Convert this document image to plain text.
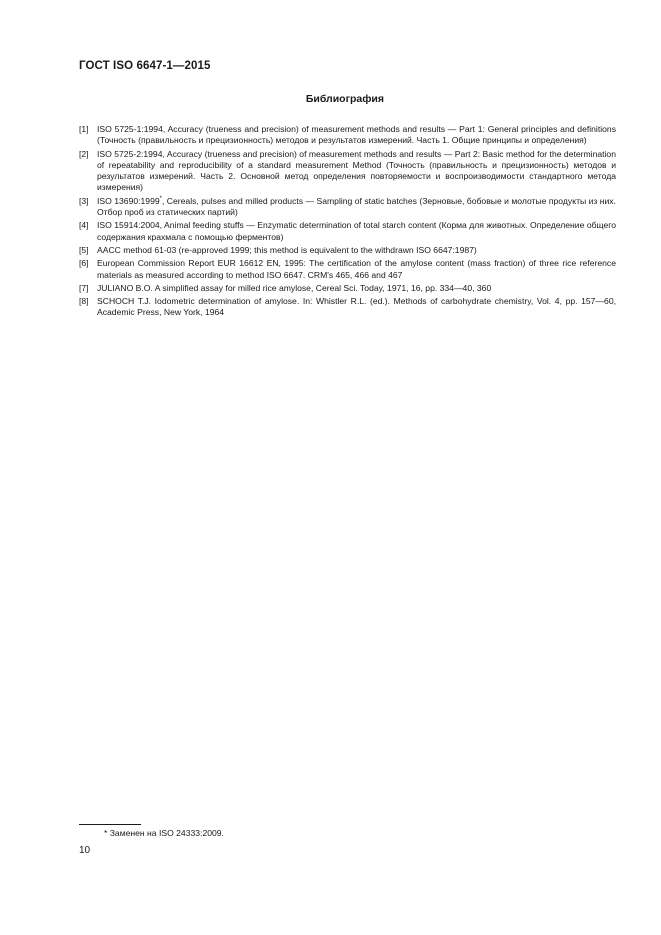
ГОСТ ISO 6647-1—2015
Библиография
[1] ISO 5725-1:1994, Accuracy (trueness and precision) of measurement methods and results — Part 1: General principles and definitions (Точность (правильность и прецизионность) методов и результатов измерений. Часть 1. Общие принципы и определения)
[2] ISO 5725-2:1994, Accuracy (trueness and precision) of measurement methods and results — Part 2: Basic method for the determination of repeatability and reproducibility of a standard measurement Method (Точность (правильность и прецизионность) методов и результатов измерений. Часть 2. Основной метод определения повторяемости и воспроизводимости стандартного метода измерения)
[3] ISO 13690:1999*, Cereals, pulses and milled products — Sampling of static batches (Зерновые, бобовые и молотые продукты из них. Отбор проб из статических партий)
[4] ISO 15914:2004, Animal feeding stuffs — Enzymatic determination of total starch content (Корма для животных. Определение общего содержания крахмала с помощью ферментов)
[5] AACC method 61-03 (re-approved 1999; this method is equivalent to the withdrawn ISO 6647:1987)
[6] European Commission Report EUR 16612 EN, 1995: The certification of the amylose content (mass fraction) of three rice reference materials as measured according to method ISO 6647. CRM's 465, 466 and 467
[7] JULIANO B.O. A simplified assay for milled rice amylose, Cereal Sci. Today, 1971, 16, pp. 334—40, 360
[8] SCHOCH T.J. Iodometric determination of amylose. In: Whistler R.L. (ed.). Methods of carbohydrate chemistry, Vol. 4, pp. 157—60, Academic Press, New York, 1964
* Заменен на ISO 24333:2009.
10
